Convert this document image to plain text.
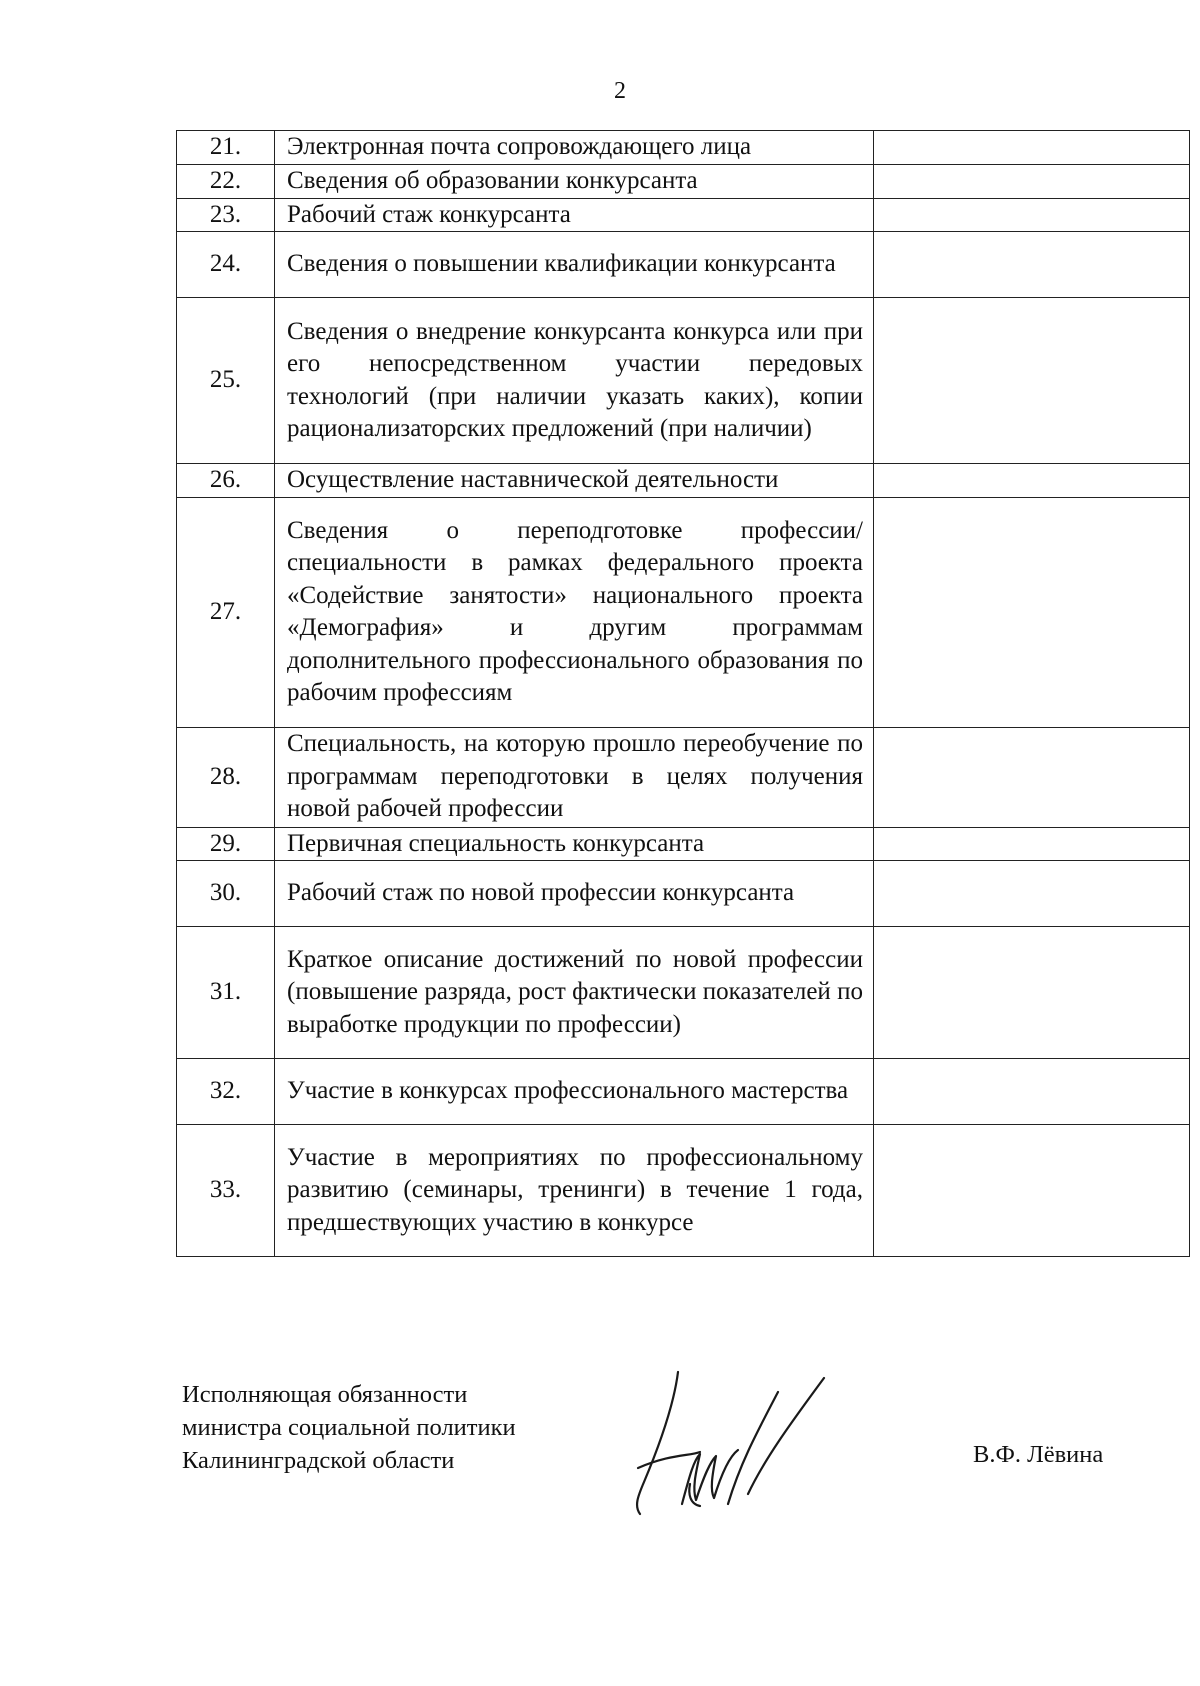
2
21.	Электронная почта сопровождающего лица	
22.	Сведения об образовании конкурсанта	
23.	Рабочий стаж конкурсанта	
24.	Сведения о повышении квалификации конкурсанта	
25.	Сведения о внедрение конкурсанта конкурса или при его непосредственном участии передовых технологий (при наличии указать каких), копии рационализаторских предложений (при наличии)	
26.	Осуществление наставнической деятельности	
27.	Сведения о переподготовке профессии/специальности в рамках федерального проекта «Содействие занятости» национального проекта «Демография» и другим программам дополнительного профессионального образования по рабочим профессиям	
28.	Специальность, на которую прошло переобучение по программам переподготовки в целях получения новой рабочей профессии	
29.	Первичная специальность конкурсанта	
30.	Рабочий стаж по новой профессии конкурсанта	
31.	Краткое описание достижений по новой профессии (повышение разряда, рост фактически показателей по выработке продукции по профессии)	
32.	Участие в конкурсах профессионального мастерства	
33.	Участие в мероприятиях по профессиональному развитию (семинары, тренинги) в течение 1 года, предшествующих участию в конкурсе	
Исполняющая обязанности
министра социальной политики
Калининградской области	В.Ф. Лёвина
